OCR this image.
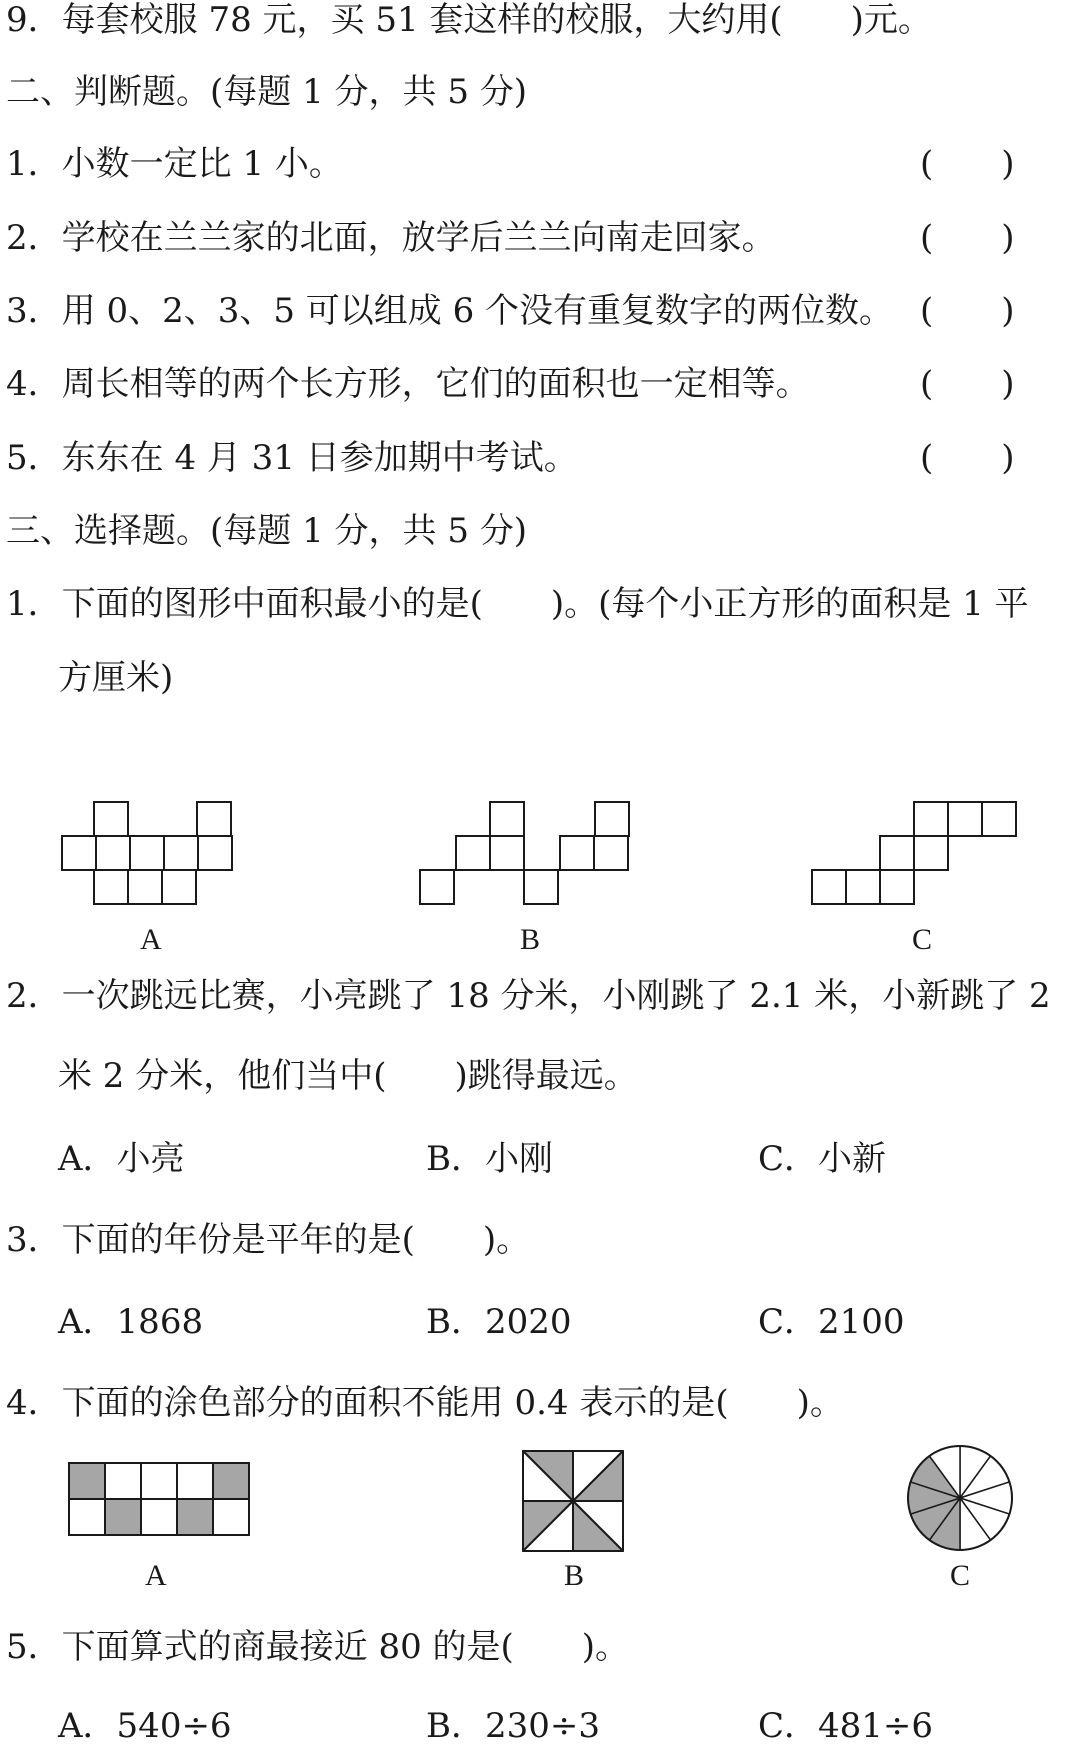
9．每套校服 78 元，买 51 套这样的校服，大约用(　　)元。
二、判断题。(每题 1 分，共 5 分)
1．小数一定比 1 小。	(　　)
2．学校在兰兰家的北面，放学后兰兰向南走回家。	(　　)
3．用 0、2、3、5 可以组成 6 个没有重复数字的两位数。 (　　)
4．周长相等的两个长方形，它们的面积也一定相等。	(　　)
5．东东在 4 月 31 日参加期中考试。	(　　)
三、选择题。(每题 1 分，共 5 分)
1．下面的图形中面积最小的是(　　)。(每个小正方形的面积是 1 平
方厘米)
A	B	C
2．一次跳远比赛，小亮跳了 18 分米，小刚跳了 2.1 米，小新跳了 2
米 2 分米，他们当中(　　)跳得最远。
A．小亮	B．小刚	C．小新
3．下面的年份是平年的是(　　)。
A．1868	B．2020	C．2100
4．下面的涂色部分的面积不能用 0.4 表示的是(　　)。
A	B	C
5．下面算式的商最接近 80 的是(　　)。
A．540÷6	B．230÷3	C．481÷6
